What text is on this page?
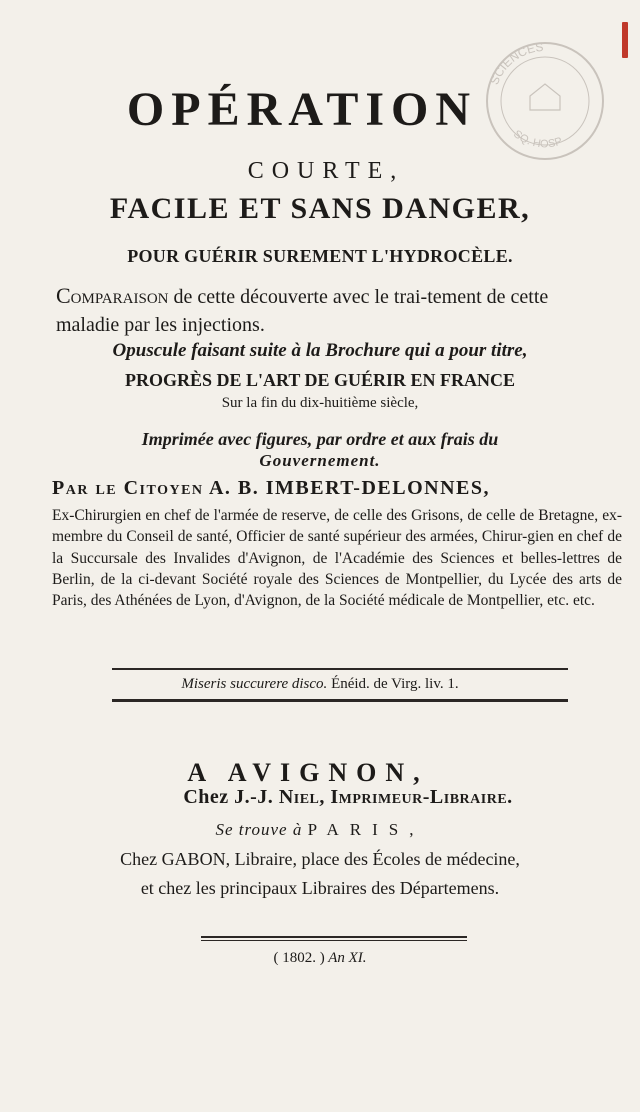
SCIENCES
SQ. HOSP
OPÉRATION
COURTE,
FACILE ET SANS DANGER,
POUR GUÉRIR SUREMENT L'HYDROCÈLE.
Comparaison de cette découverte avec le trai-tement de cette maladie par les injections.
Opuscule faisant suite à la Brochure qui a pour titre,
PROGRÈS DE L'ART DE GUÉRIR EN FRANCE
Sur la fin du dix-huitième siècle,
Imprimée avec figures, par ordre et aux frais du
Gouvernement.
Par le Citoyen A. B. IMBERT-DELONNES,
Ex-Chirurgien en chef de l'armée de reserve, de celle des Grisons, de celle de Bretagne, ex-membre du Conseil de santé, Officier de santé supérieur des armées, Chirur-gien en chef de la Succursale des Invalides d'Avignon, de l'Académie des Sciences et belles-lettres de Berlin, de la ci-devant Société royale des Sciences de Montpellier, du Lycée des arts de Paris, des Athénées de Lyon, d'Avignon, de la Société médicale de Montpellier, etc. etc.
Miseris succurere disco. Énéid. de Virg. liv. 1.
A AVIGNON,
Chez J.-J. Niel, Imprimeur-Libraire.
Se trouve à PARIS,
Chez GABON, Libraire, place des Écoles de médecine,
et chez les principaux Libraires des Départemens.
( 1802. ) An XI.
